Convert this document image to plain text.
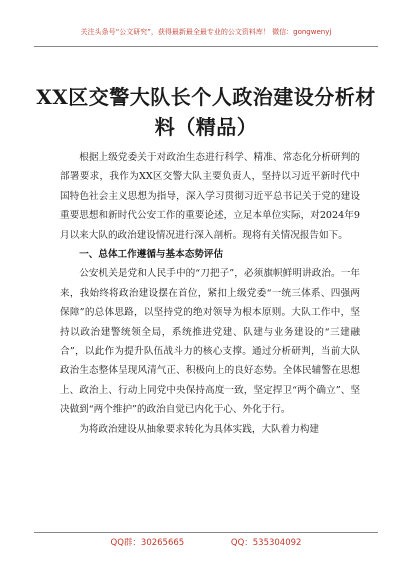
关注头条号“公文研究”，获得最新最全最专业的公文资料库！ 微信：gongwenyj
XX区交警大队长个人政治建设分析材料（精品）

根据上级党委关于对政治生态进行科学、精准、常态化分析研判的部署要求，我作为XX区交警大队主要负责人，坚持以习近平新时代中国特色社会主义思想为指导，深入学习贯彻习近平总书记关于党的建设重要思想和新时代公安工作的重要论述，立足本单位实际，对2024年9月以来大队的政治建设情况进行深入剖析。现将有关情况报告如下。

一、总体工作遵循与基本态势评估

公安机关是党和人民手中的“刀把子”，必须旗帜鲜明讲政治。一年来，我始终将政治建设摆在首位，紧扣上级党委“一统三体系、四强两保障”的总体思路，以坚持党的绝对领导为根本原则。大队工作中，坚持以政治建警统领全局，系统推进党建、队建与业务建设的“三建融合”，以此作为提升队伍战斗力的核心支撑。通过分析研判，当前大队政治生态整体呈现风清气正、积极向上的良好态势。全体民辅警在思想上、政治上、行动上同党中央保持高度一致，坚定捍卫“两个确立”、坚决做到“两个维护”的政治自觉已内化于心、外化于行。

为将政治建设从抽象要求转化为具体实践，大队着力构建

QQ群：30265665	QQ：535304092
